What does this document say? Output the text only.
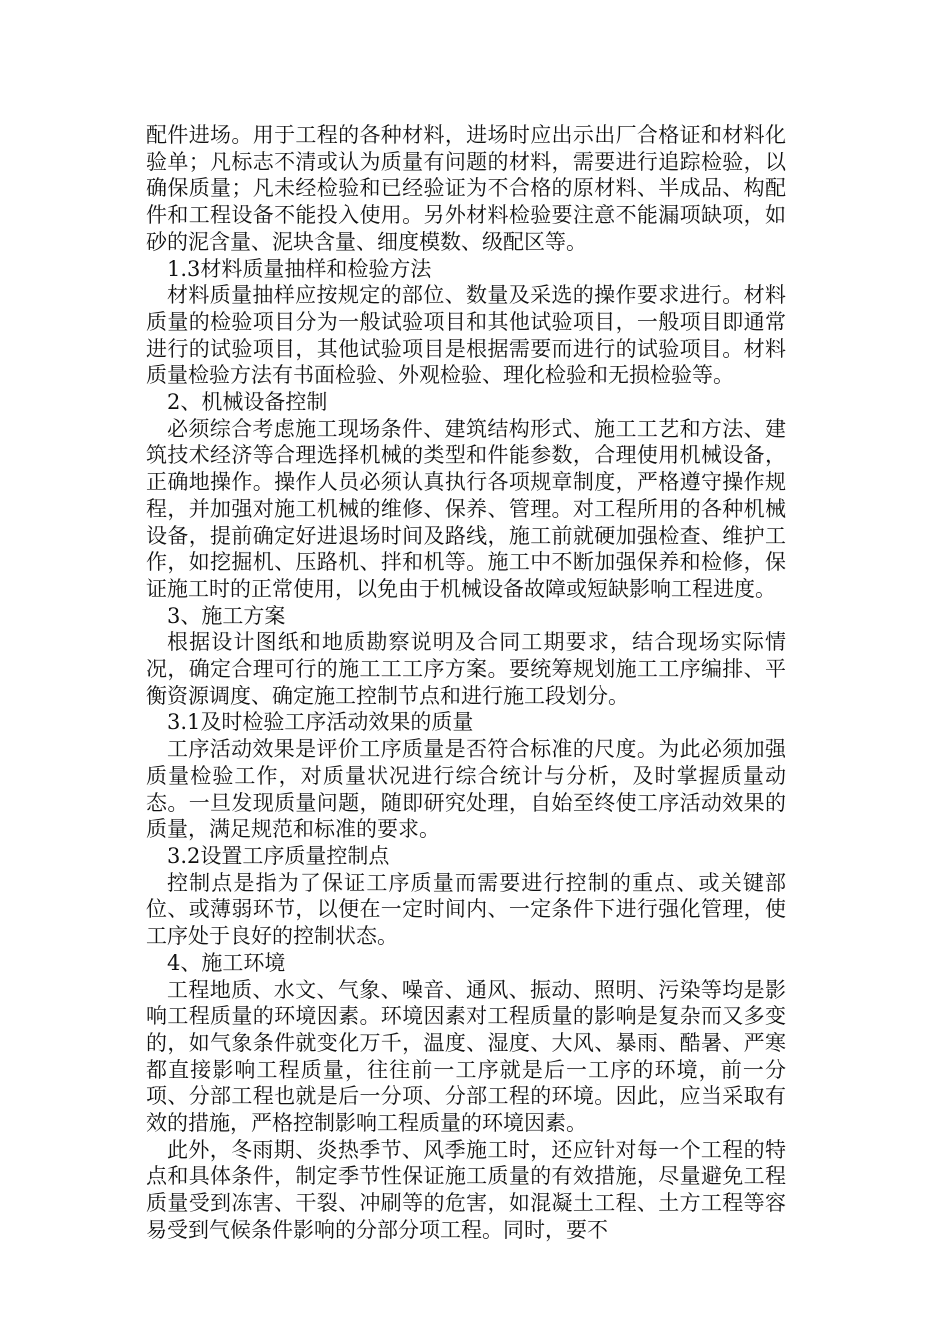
配件进场。用于工程的各种材料，进场时应出示出厂合格证和材料化验单；凡标志不清或认为质量有问题的材料，需要进行追踪检验，以确保质量；凡未经检验和已经验证为不合格的原材料、半成品、构配件和工程设备不能投入使用。另外材料检验要注意不能漏项缺项，如砂的泥含量、泥块含量、细度模数、级配区等。

1.3材料质量抽样和检验方法

材料质量抽样应按规定的部位、数量及采选的操作要求进行。材料质量的检验项目分为一般试验项目和其他试验项目，一般项目即通常进行的试验项目，其他试验项目是根据需要而进行的试验项目。材料质量检验方法有书面检验、外观检验、理化检验和无损检验等。

2、机械设备控制

必须综合考虑施工现场条件、建筑结构形式、施工工艺和方法、建筑技术经济等合理选择机械的类型和件能参数，合理使用机械设备，正确地操作。操作人员必须认真执行各项规章制度，严格遵守操作规程，并加强对施工机械的维修、保养、管理。对工程所用的各种机械设备，提前确定好进退场时间及路线，施工前就硬加强检查、维护工作，如挖掘机、压路机、拌和机等。施工中不断加强保养和检修，保证施工时的正常使用，以免由于机械设备故障或短缺影响工程进度。

3、施工方案

根据设计图纸和地质勘察说明及合同工期要求，结合现场实际情况，确定合理可行的施工工工序方案。要统筹规划施工工序编排、平衡资源调度、确定施工控制节点和进行施工段划分。

3.1及时检验工序活动效果的质量

工序活动效果是评价工序质量是否符合标准的尺度。为此必须加强质量检验工作，对质量状况进行综合统计与分析，及时掌握质量动态。一旦发现质量问题，随即研究处理，自始至终使工序活动效果的质量，满足规范和标准的要求。

3.2设置工序质量控制点

控制点是指为了保证工序质量而需要进行控制的重点、或关键部位、或薄弱环节，以便在一定时间内、一定条件下进行强化管理，使工序处于良好的控制状态。

4、施工环境

工程地质、水文、气象、噪音、通风、振动、照明、污染等均是影响工程质量的环境因素。环境因素对工程质量的影响是复杂而又多变的，如气象条件就变化万千，温度、湿度、大风、暴雨、酷暑、严寒都直接影响工程质量，往往前一工序就是后一工序的环境，前一分项、分部工程也就是后一分项、分部工程的环境。因此，应当采取有效的措施，严格控制影响工程质量的环境因素。

此外，冬雨期、炎热季节、风季施工时，还应针对每一个工程的特点和具体条件，制定季节性保证施工质量的有效措施，尽量避免工程质量受到冻害、干裂、冲刷等的危害，如混凝土工程、土方工程等容易受到气候条件影响的分部分项工程。同时，要不
